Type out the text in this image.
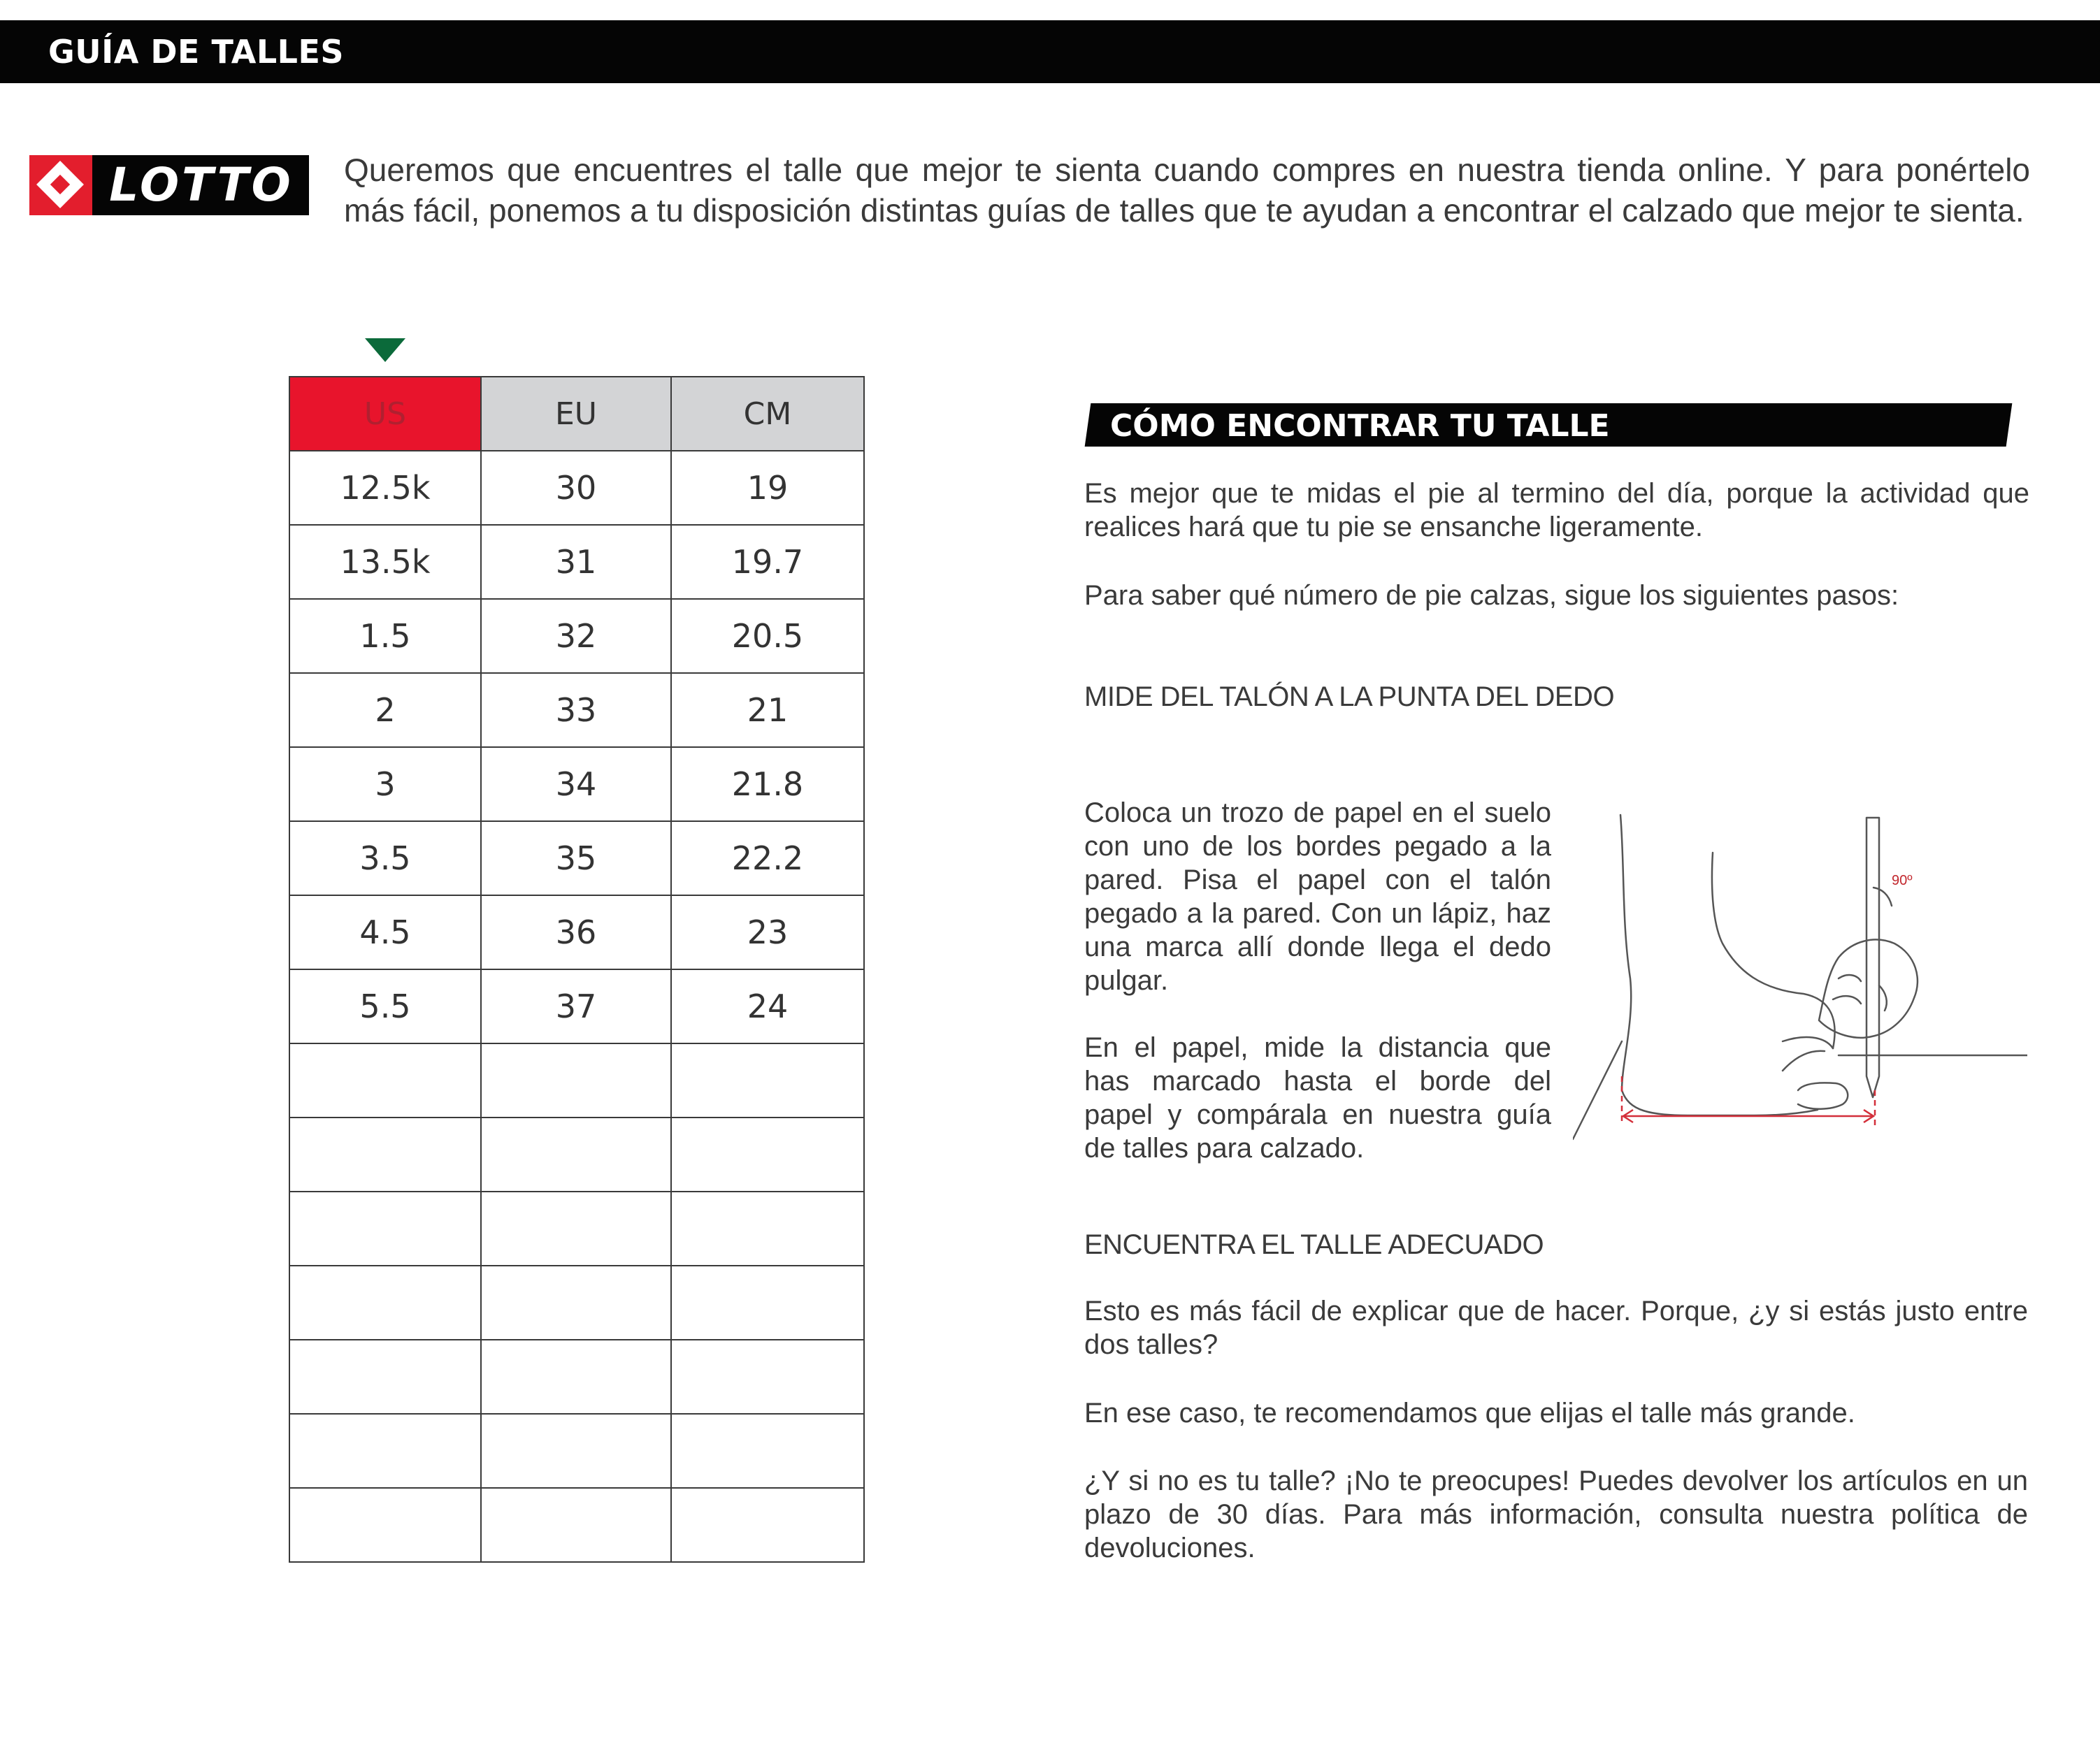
GUÍA DE TALLES
LOTTO	Queremos que encuentres el talle que mejor te sienta cuando compres en nuestra tienda online. Y para ponértelo más fácil, ponemos a tu disposición distintas guías de talles que te ayudan a encontrar el calzado que mejor te sienta.
US	EU	CM
12.5k	30	19
13.5k	31	19.7
1.5	32	20.5
2	33	21
3	34	21.8
3.5	35	22.2
4.5	36	23
5.5	37	24

CÓMO ENCONTRAR TU TALLE
Es mejor que te midas el pie al termino del día, porque la actividad que realices hará que tu pie se ensanche ligeramente.
Para saber qué número de pie calzas, sigue los siguientes pasos:
MIDE DEL TALÓN A LA PUNTA DEL DEDO
Coloca un trozo de papel en el suelo con uno de los bordes pegado a la pared. Pisa el papel con el talón pegado a la pared. Con un lápiz, haz una marca allí donde llega el dedo pulgar.
En el papel, mide la distancia que has marcado hasta el borde del papel y compárala en nuestra guía de talles para calzado.
90º
ENCUENTRA EL TALLE ADECUADO
Esto es más fácil de explicar que de hacer. Porque, ¿y si estás justo entre dos talles?
En ese caso, te recomendamos que elijas el talle más grande.
¿Y si no es tu talle? ¡No te preocupes! Puedes devolver los artículos en un plazo de 30 días. Para más información, consulta nuestra política de devoluciones.
